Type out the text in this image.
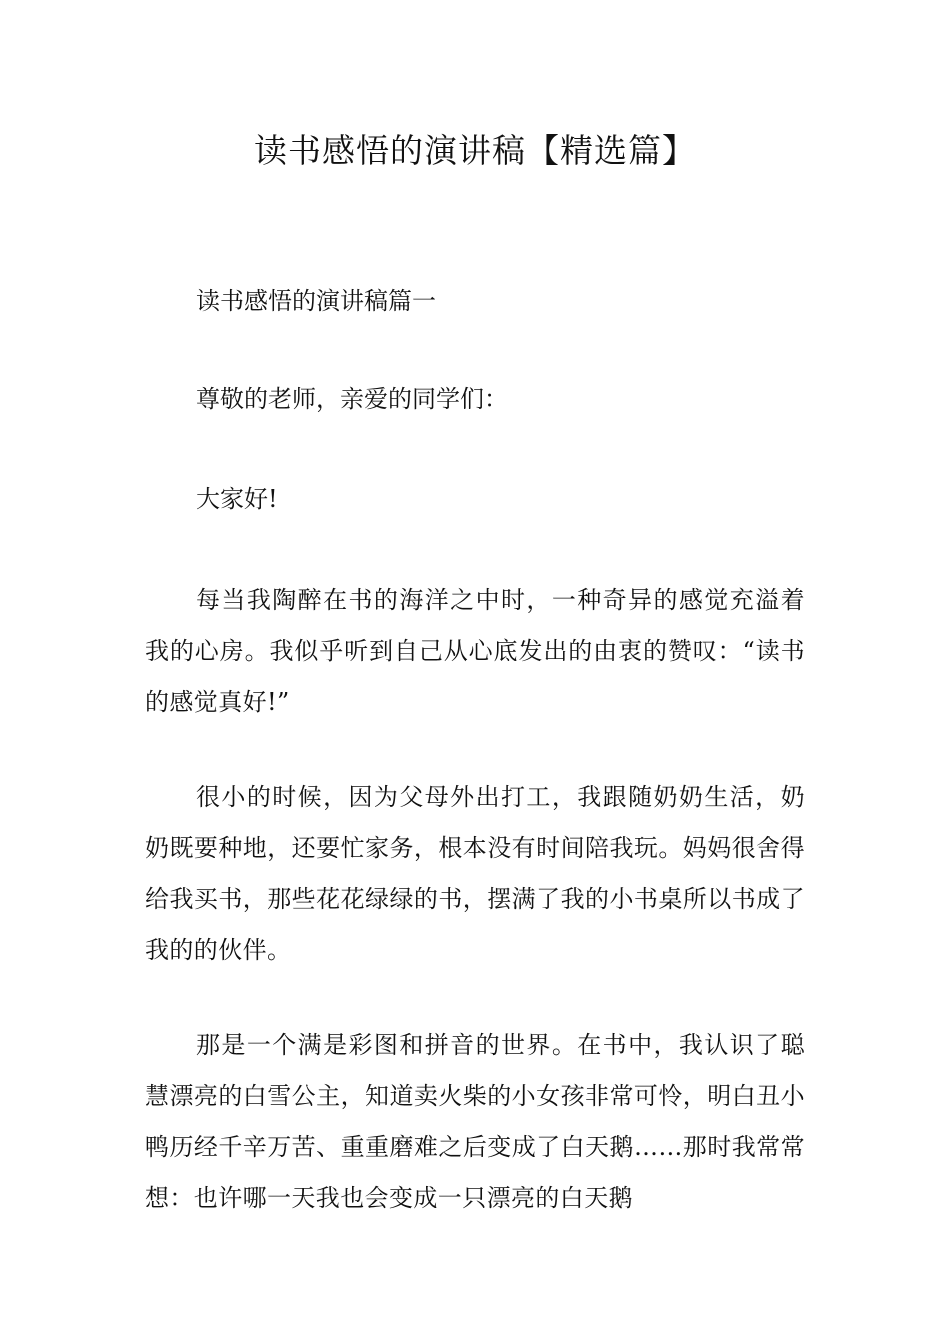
读书感悟的演讲稿【精选篇】

读书感悟的演讲稿篇一

尊敬的老师，亲爱的同学们：

大家好!

每当我陶醉在书的海洋之中时，一种奇异的感觉充溢着我的心房。我似乎听到自己从心底发出的由衷的赞叹：“读书的感觉真好!”

很小的时候，因为父母外出打工，我跟随奶奶生活，奶奶既要种地，还要忙家务，根本没有时间陪我玩。妈妈很舍得给我买书，那些花花绿绿的书，摆满了我的小书桌所以书成了我的的伙伴。

那是一个满是彩图和拼音的世界。在书中，我认识了聪慧漂亮的白雪公主，知道卖火柴的小女孩非常可怜，明白丑小鸭历经千辛万苦、重重磨难之后变成了白天鹅……那时我常常想：也许哪一天我也会变成一只漂亮的白天鹅
